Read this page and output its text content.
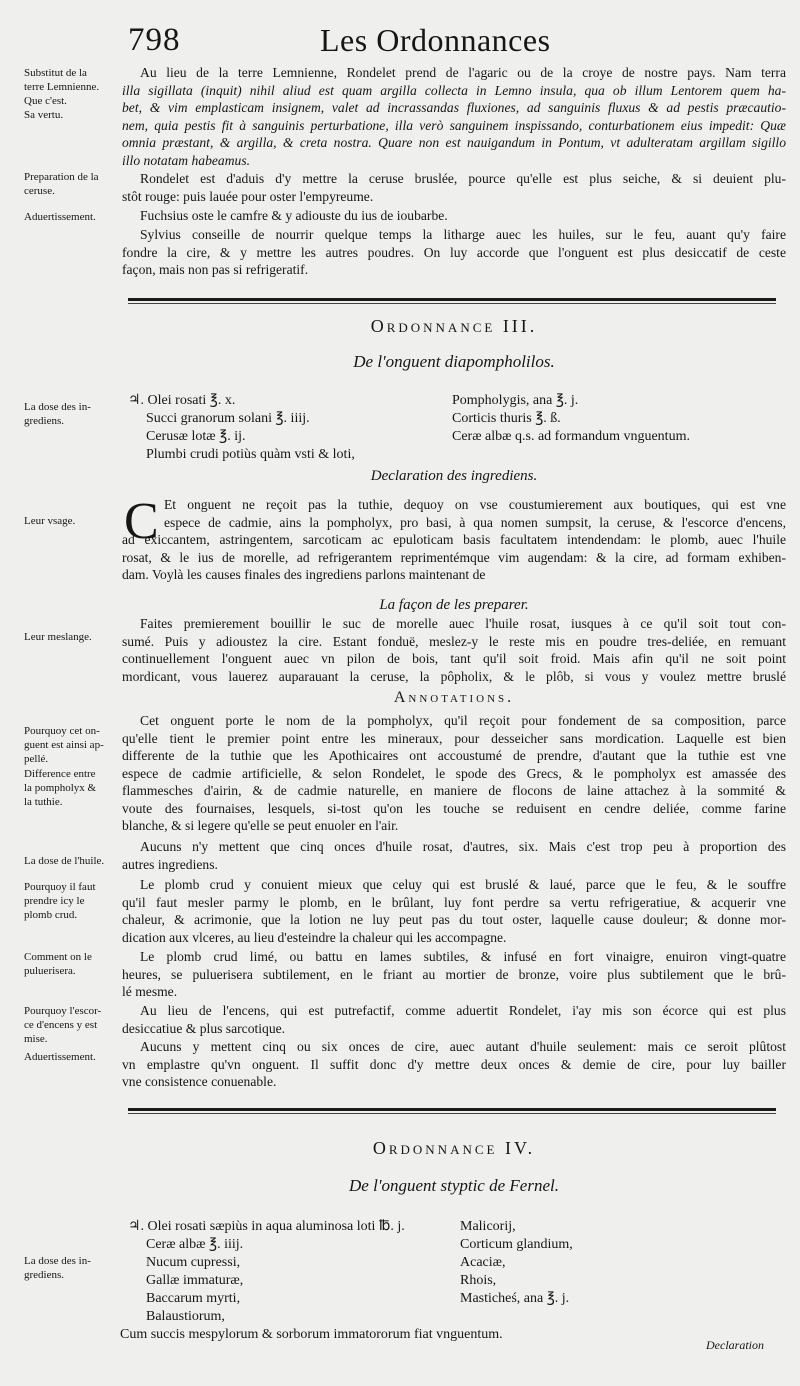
798	Les Ordonnances
Substitut de la
terre Lemnienne.
Que c'est.
Sa vertu.
Preparation de la
ceruse.
Aduertissement.
La dose des in-
grediens.
Leur vsage.
Leur meslange.
Pourquoy cet on-
guent est ainsi ap-
pellé.
Difference entre
la pompholyx &
la tuthie.
La dose de l'huile.
Pourquoy il faut
prendre icy le
plomb crud.
Comment on le
puluerisera.
Pourquoy l'escor-
ce d'encens y est
mise.
Aduertissement.
La dose des in-
grediens.
Au lieu de la terre Lemnienne, Rondelet prend de l'agaric ou de la croye de nostre pays. Nam terra
illa sigillata (inquit) nihil aliud est quam argilla collecta in Lemno insula, qua ob illum Lentorem quem ha-
bet, & vim emplasticam insignem, valet ad incrassandas fluxiones, ad sanguinis fluxus & ad pestis præcautio-
nem, quia pestis fit à sanguinis perturbatione, illa verò sanguinem inspissando, conturbationem eius impedit: Quæ
omnia præstant, & argilla, & creta nostra. Quare non est nauigandum in Pontum, vt adulteratam argillam sigillo
illo notatam habeamus.
Rondelet est d'aduis d'y mettre la ceruse bruslée, pource qu'elle est plus seiche, & si deuient plu-
stôt rouge: puis lauée pour oster l'empyreume.
Fuchsius oste le camfre & y adiouste du ius de ioubarbe.
Sylvius conseille de nourrir quelque temps la litharge auec les huiles, sur le feu, auant qu'y faire
fondre la cire, & y mettre les autres poudres. On luy accorde que l'onguent est plus desiccatif de ceste
façon, mais non pas si refrigeratif.
Ordonnance III.
De l'onguent diapompholilos.
♃. Olei rosati ℥. x.
Succi granorum solani ℥. iiij.
Cerusæ lotæ ℥. ij.
Plumbi crudi potiùs quàm vsti & loti,
Pompholygis, ana ℥. j.
Corticis thuris ℥. ß.
Ceræ albæ q.s. ad formandum vnguentum.
Declaration des ingrediens.
C Et onguent ne reçoit pas la tuthie, dequoy on vse coustumierement aux boutiques, qui est vne
espece de cadmie, ains la pompholyx, pro basi, à qua nomen sumpsit, la ceruse, & l'escorce d'encens,
ad exiccantem, astringentem, sarcoticam ac epuloticam basis facultatem intendendam: le plomb, auec l'huile
rosat, & le ius de morelle, ad refrigerantem reprimentémque vim augendam: & la cire, ad formam exhiben-
dam. Voylà les causes finales des ingrediens parlons maintenant de
La façon de les preparer.
Faites premierement bouillir le suc de morelle auec l'huile rosat, iusques à ce qu'il soit tout con-
sumé. Puis y adioustez la cire. Estant fonduë, meslez-y le reste mis en poudre tres-deliée, en remuant
continuellement l'onguent auec vn pilon de bois, tant qu'il soit froid. Mais afin qu'il ne soit point
mordicant, vous lauerez auparauant la ceruse, la pôpholix, & le plôb, si vous y voulez mettre bruslé
Annotations.
Cet onguent porte le nom de la pompholyx, qu'il reçoit pour fondement de sa composition, parce
qu'elle tient le premier point entre les mineraux, pour desseicher sans mordication. Laquelle est bien
differente de la tuthie que les Apothicaires ont accoustumé de prendre, d'autant que la tuthie est vne
espece de cadmie artificielle, & selon Rondelet, le spode des Grecs, & le pompholyx est amassée des
flammesches d'airin, & de cadmie naturelle, en maniere de flocons de laine attachez à la sommité &
voute des fournaises, lesquels, si-tost qu'on les touche se reduisent en cendre deliée, comme farine
blanche, & si legere qu'elle se peut enuoler en l'air.
Aucuns n'y mettent que cinq onces d'huile rosat, d'autres, six. Mais c'est trop peu à proportion des
autres ingrediens.
Le plomb crud y conuient mieux que celuy qui est bruslé & laué, parce que le feu, & le souffre
qu'il faut mesler parmy le plomb, en le brûlant, luy font perdre sa vertu refrigeratiue, & acquerir vne
chaleur, & acrimonie, que la lotion ne luy peut pas du tout oster, laquelle cause douleur; & donne mor-
dication aux vlceres, au lieu d'esteindre la chaleur qui les accompagne.
Le plomb crud limé, ou battu en lames subtiles, & infusé en fort vinaigre, enuiron vingt-quatre
heures, se puluerisera subtilement, en le friant au mortier de bronze, voire plus subtilement que le brû-
lé mesme.
Au lieu de l'encens, qui est putrefactif, comme aduertit Rondelet, i'ay mis son écorce qui est plus
desiccatiue & plus sarcotique.
Aucuns y mettent cinq ou six onces de cire, auec autant d'huile seulement: mais ce seroit plûtost
vn emplastre qu'vn onguent. Il suffit donc d'y mettre deux onces & demie de cire, pour luy bailler
vne consistence conuenable.
Ordonnance IV.
De l'onguent styptic de Fernel.
♃. Olei rosati sæpiùs in aqua aluminosa loti ℔. j.
Ceræ albæ ℥. iiij.
Nucum cupressi,
Gallæ immaturæ,
Baccarum myrti,
Balaustiorum,
Malicorij,
Corticum glandium,
Acaciæ,
Rhois,
Masticheś, ana ℥. j.
Cum succis mespylorum & sorborum immatororum fiat vnguentum.
Declaration
